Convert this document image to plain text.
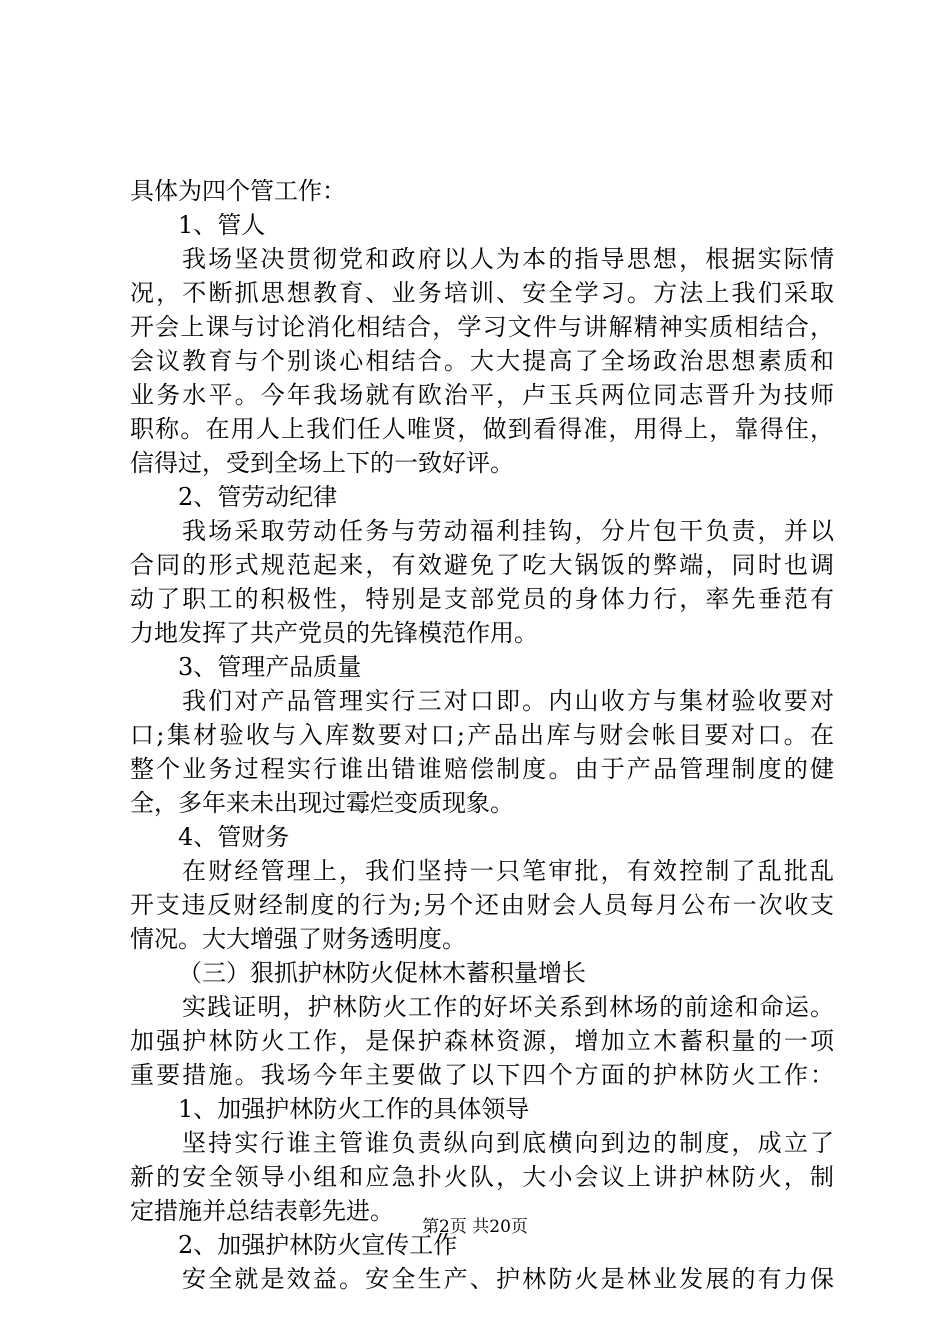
具体为四个管工作：
1、管人
我场坚决贯彻党和政府以人为本的指导思想，根据实际情
况，不断抓思想教育、业务培训、安全学习。方法上我们采取
开会上课与讨论消化相结合，学习文件与讲解精神实质相结合，
会议教育与个别谈心相结合。大大提高了全场政治思想素质和
业务水平。今年我场就有欧治平，卢玉兵两位同志晋升为技师
职称。在用人上我们任人唯贤，做到看得准，用得上，靠得住，
信得过，受到全场上下的一致好评。
2、管劳动纪律
我场采取劳动任务与劳动福利挂钩，分片包干负责，并以
合同的形式规范起来，有效避免了吃大锅饭的弊端，同时也调
动了职工的积极性，特别是支部党员的身体力行，率先垂范有
力地发挥了共产党员的先锋模范作用。
3、管理产品质量
我们对产品管理实行三对口即。内山收方与集材验收要对
口;集材验收与入库数要对口;产品出库与财会帐目要对口。在
整个业务过程实行谁出错谁赔偿制度。由于产品管理制度的健
全，多年来未出现过霉烂变质现象。
4、管财务
在财经管理上，我们坚持一只笔审批，有效控制了乱批乱
开支违反财经制度的行为;另个还由财会人员每月公布一次收支
情况。大大增强了财务透明度。
（三）狠抓护林防火促林木蓄积量增长
实践证明，护林防火工作的好坏关系到林场的前途和命运。
加强护林防火工作，是保护森林资源，增加立木蓄积量的一项
重要措施。我场今年主要做了以下四个方面的护林防火工作：
1、加强护林防火工作的具体领导
坚持实行谁主管谁负责纵向到底横向到边的制度，成立了
新的安全领导小组和应急扑火队，大小会议上讲护林防火，制
定措施并总结表彰先进。
2、加强护林防火宣传工作
安全就是效益。安全生产、护林防火是林业发展的有力保
第2页 共20页
